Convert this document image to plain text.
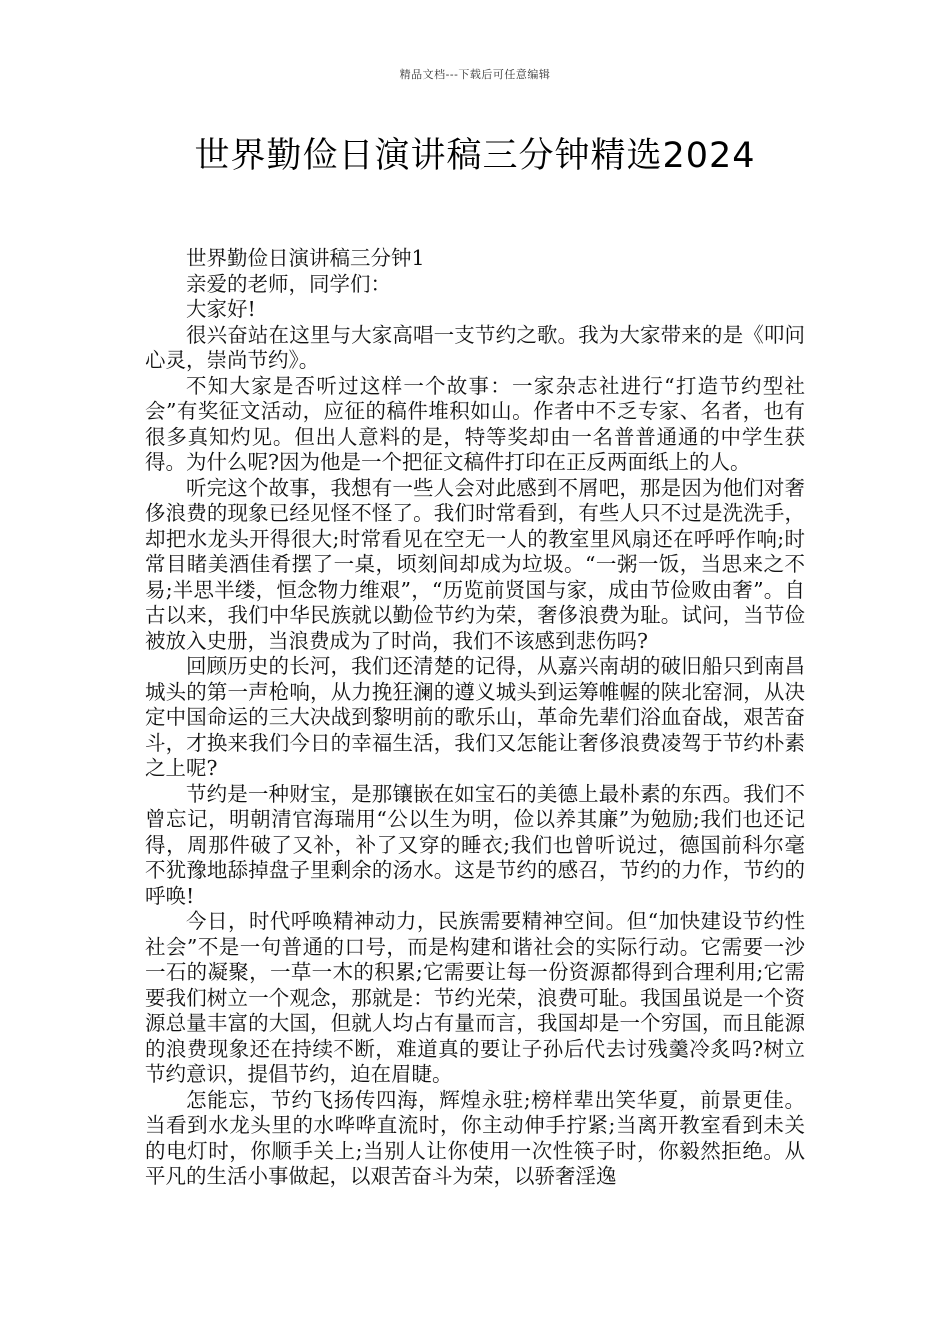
精品文档---下载后可任意编辑
世界勤俭日演讲稿三分钟精选2024

世界勤俭日演讲稿三分钟1

亲爱的老师，同学们：

大家好!

很兴奋站在这里与大家高唱一支节约之歌。我为大家带来的是《叩问心灵，崇尚节约》。

不知大家是否听过这样一个故事：一家杂志社进行“打造节约型社会”有奖征文活动，应征的稿件堆积如山。作者中不乏专家、名者，也有很多真知灼见。但出人意料的是，特等奖却由一名普普通通的中学生获得。为什么呢?因为他是一个把征文稿件打印在正反两面纸上的人。

听完这个故事，我想有一些人会对此感到不屑吧，那是因为他们对奢侈浪费的现象已经见怪不怪了。我们时常看到，有些人只不过是洗洗手，却把水龙头开得很大;时常看见在空无一人的教室里风扇还在呼呼作响;时常目睹美酒佳肴摆了一桌，顷刻间却成为垃圾。“一粥一饭，当思来之不易;半思半缕，恒念物力维艰”，“历览前贤国与家，成由节俭败由奢”。自古以来，我们中华民族就以勤俭节约为荣，奢侈浪费为耻。试问，当节俭被放入史册，当浪费成为了时尚，我们不该感到悲伤吗?

回顾历史的长河，我们还清楚的记得，从嘉兴南胡的破旧船只到南昌城头的第一声枪响，从力挽狂澜的遵义城头到运筹帷幄的陕北窑洞，从决定中国命运的三大决战到黎明前的歌乐山，革命先辈们浴血奋战，艰苦奋斗，才换来我们今日的幸福生活，我们又怎能让奢侈浪费凌驾于节约朴素之上呢?

节约是一种财宝，是那镶嵌在如宝石的美德上最朴素的东西。我们不曾忘记，明朝清官海瑞用“公以生为明，俭以养其廉”为勉励;我们也还记得，周那件破了又补，补了又穿的睡衣;我们也曾听说过，德国前科尔毫不犹豫地舔掉盘子里剩余的汤水。这是节约的感召，节约的力作，节约的呼唤!

今日，时代呼唤精神动力，民族需要精神空间。但“加快建设节约性社会”不是一句普通的口号，而是构建和谐社会的实际行动。它需要一沙一石的凝聚，一草一木的积累;它需要让每一份资源都得到合理利用;它需要我们树立一个观念，那就是：节约光荣，浪费可耻。我国虽说是一个资源总量丰富的大国，但就人均占有量而言，我国却是一个穷国，而且能源的浪费现象还在持续不断，难道真的要让子孙后代去讨残羹冷炙吗?树立节约意识，提倡节约，迫在眉睫。

怎能忘，节约飞扬传四海，辉煌永驻;榜样辈出笑华夏，前景更佳。当看到水龙头里的水哗哗直流时，你主动伸手拧紧;当离开教室看到未关的电灯时，你顺手关上;当别人让你使用一次性筷子时，你毅然拒绝。从平凡的生活小事做起，以艰苦奋斗为荣，以骄奢淫逸
